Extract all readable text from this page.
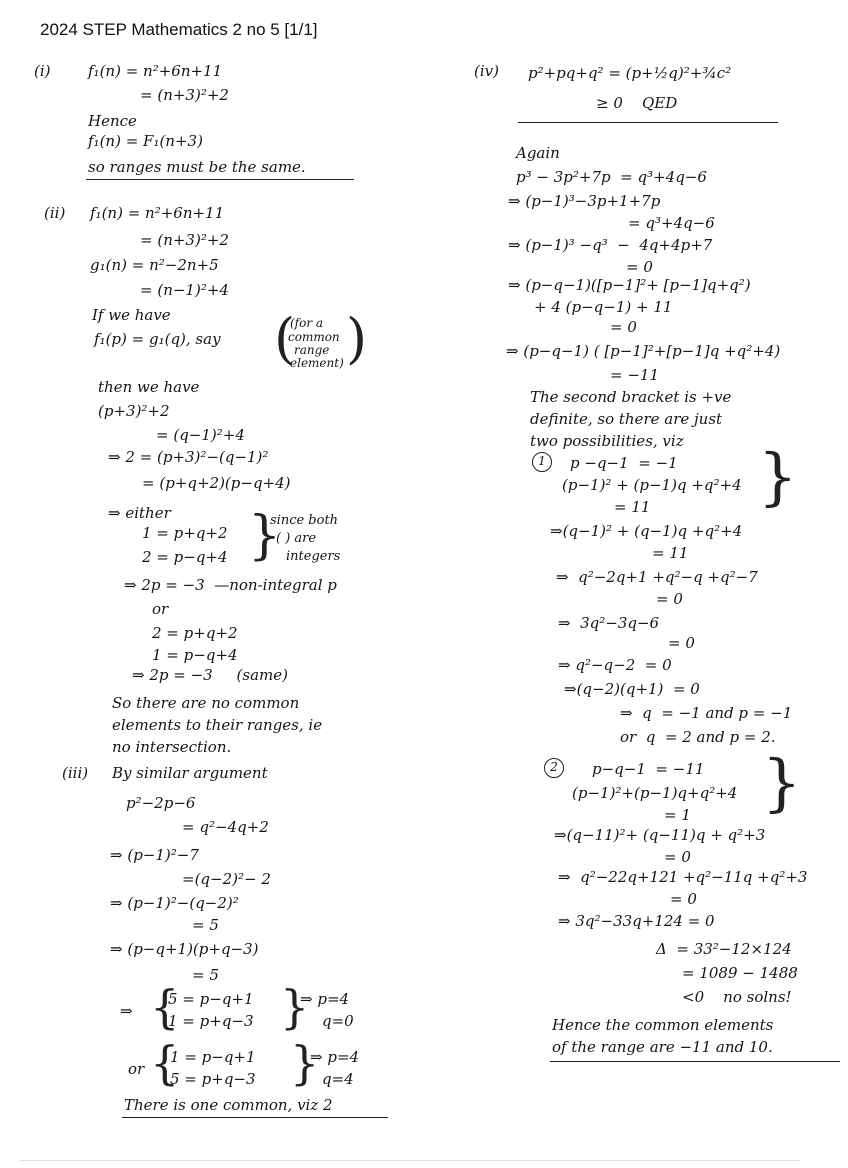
2024 STEP Mathematics 2 no 5 [1/1]
(i) f₁(n) = n²+6n+11
= (n+3)²+2
Hence
f₁(n) = F₁(n+3)
so ranges must be the same.
(ii) f₁(n) = n²+6n+11
= (n+3)²+2
g₁(n) = n²−2n+5
= (n−1)²+4
If we have
f₁(p) = g₁(q), say (
(for a
common
range
element) )
then we have
(p+3)²+2
= (q−1)²+4
⇒ 2 = (p+3)²−(q−1)²
= (p+q+2)(p−q+4)
⇒ either
1 = p+q+2
2 = p−q+4 }
since both
( ) are
integers
⇒ 2p = −3  —non-integral p
or
2 = p+q+2
1 = p−q+4
⇒ 2p = −3     (same)
So there are no common
elements to their ranges, ie
no intersection.
(iii) By similar argument
p²−2p−6
= q²−4q+2
⇒ (p−1)²−7
=(q−2)²− 2
⇒ (p−1)²−(q−2)²
= 5
⇒ (p−q+1)(p+q−3)
= 5
⇒ {
5 = p−q+1
1 = p+q−3 }
⇒ p=4
q=0
or {
1 = p−q+1
5 = p+q−3 }
⇒ p=4
q=4
There is one common, viz 2
(iv) p²+pq+q² = (p+½q)²+¾c²
≥ 0    QED
Again
p³ − 3p²+7p  = q³+4q−6
⇒ (p−1)³−3p+1+7p
= q³+4q−6
⇒ (p−1)³ −q³  −  4q+4p+7
= 0
⇒ (p−q−1)([p−1]²+ [p−1]q+q²)
+ 4 (p−q−1) + 11
= 0
⇒ (p−q−1) ( [p−1]²+[p−1]q +q²+4)
= −11
The second bracket is +ve
definite, so there are just
two possibilities, viz
1	p −q−1  = −1
(p−1)² + (p−1)q +q²+4
= 11 }
⇒(q−1)² + (q−1)q +q²+4
= 11
⇒  q²−2q+1 +q²−q +q²−7
= 0
⇒  3q²−3q−6
= 0
⇒ q²−q−2  = 0
⇒(q−2)(q+1)  = 0
⇒  q  = −1 and p = −1
or  q  = 2 and p = 2.
2	p−q−1  = −11
(p−1)²+(p−1)q+q²+4
= 1 }
⇒(q−11)²+ (q−11)q + q²+3
= 0
⇒  q²−22q+121 +q²−11q +q²+3
= 0
⇒ 3q²−33q+124 = 0
Δ  = 33²−12×124
= 1089 − 1488
<0    no solns!
Hence the common elements
of the range are −11 and 10.
